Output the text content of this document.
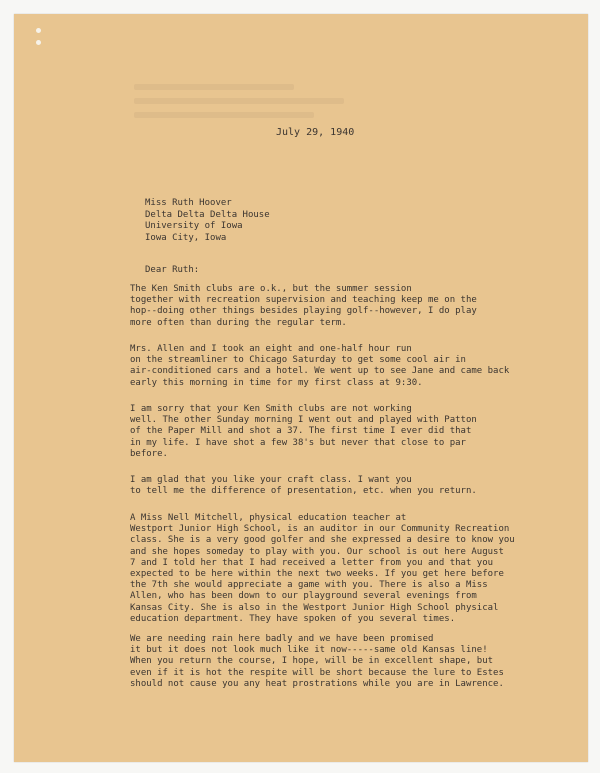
July 29, 1940
Miss Ruth Hoover
Delta Delta Delta House
University of Iowa
Iowa City, Iowa
Dear Ruth:
The Ken Smith clubs are o.k., but the summer session
together with recreation supervision and teaching keep me on the
hop--doing other things besides playing golf--however, I do play
more often than during the regular term.
Mrs. Allen and I took an eight and one-half hour run
on the streamliner to Chicago Saturday to get some cool air in
air-conditioned cars and a hotel. We went up to see Jane and came back
early this morning in time for my first class at 9:30.
I am sorry that your Ken Smith clubs are not working
well. The other Sunday morning I went out and played with Patton
of the Paper Mill and shot a 37. The first time I ever did that
in my life. I have shot a few 38's but never that close to par
before.
I am glad that you like your craft class. I want you
to tell me the difference of presentation, etc. when you return.
A Miss Nell Mitchell, physical education teacher at
Westport Junior High School, is an auditor in our Community Recreation
class. She is a very good golfer and she expressed a desire to know you
and she hopes someday to play with you. Our school is out here August
7 and I told her that I had received a letter from you and that you
expected to be here within the next two weeks. If you get here before
the 7th she would appreciate a game with you. There is also a Miss
Allen, who has been down to our playground several evenings from
Kansas City. She is also in the Westport Junior High School physical
education department. They have spoken of you several times.
We are needing rain here badly and we have been promised
it but it does not look much like it now-----same old Kansas line!
When you return the course, I hope, will be in excellent shape, but
even if it is hot the respite will be short because the lure to Estes
should not cause you any heat prostrations while you are in Lawrence.
